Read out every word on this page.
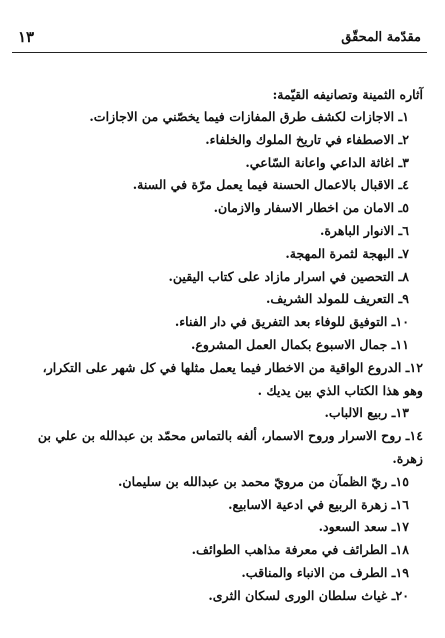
١٣	مقدّمة المحقّق
آثاره الثمينة وتصانيفه القيّمة:
١ـ الاجازات لكشف طرق المفازات فيما يخصّني من الاجازات.
٢ـ الاصطفاء في تاريخ الملوك والخلفاء.
٣ـ اغاثة الداعي واعانة السّاعي.
٤ـ الاقبال بالاعمال الحسنة فيما يعمل مرّة في السنة.
٥ـ الامان من اخطار الاسفار والازمان.
٦ـ الانوار الباهرة.
٧ـ البهجة لثمرة المهجة.
٨ـ التحصين في اسرار مازاد على كتاب اليقين.
٩ـ التعريف للمولد الشريف.
١٠ـ التوفيق للوفاء بعد التفريق في دار الفناء.
١١ـ جمال الاسبوع بكمال العمل المشروع.
١٢ـ الدروع الواقية من الاخطار فيما يعمل مثلها في كل شهر على التكرار،
وهو هذا الكتاب الذي بين يديك .
١٣ـ ربيع الالباب.
١٤ـ روح الاسرار وروح الاسمار، ألفه بالتماس محمّد بن عبدالله بن علي بن
زهرة.
١٥ـ ريّ الظمآن من مرويّ محمد بن عبدالله بن سليمان.
١٦ـ زهرة الربيع في ادعية الاسابيع.
١٧ـ سعد السعود.
١٨ـ الطرائف في معرفة مذاهب الطوائف.
١٩ـ الطرف من الانباء والمناقب.
٢٠ـ غياث سلطان الورى لسكان الثرى.
